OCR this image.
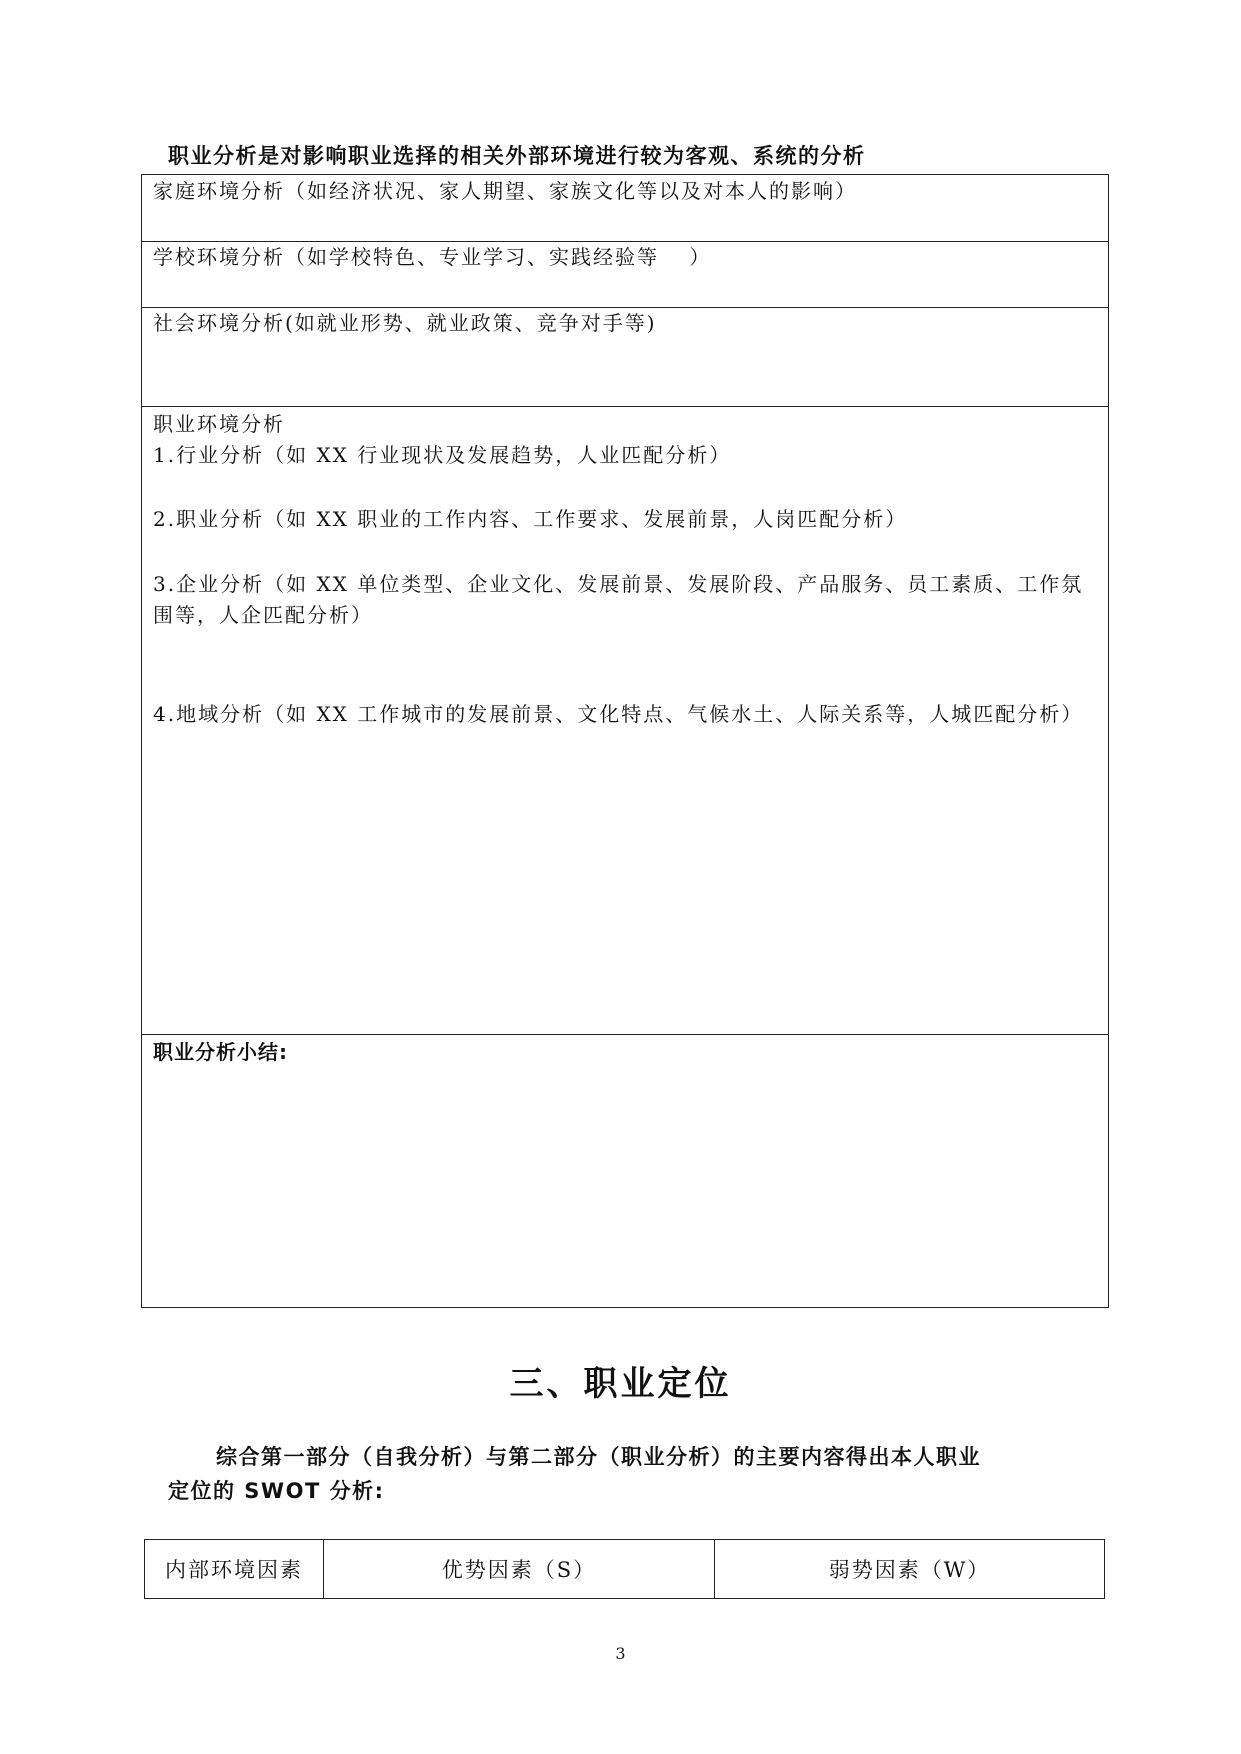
职业分析是对影响职业选择的相关外部环境进行较为客观、系统的分析
家庭环境分析（如经济状况、家人期望、家族文化等以及对本人的影响）
学校环境分析（如学校特色、专业学习、实践经验等　 ）
社会环境分析(如就业形势、就业政策、竞争对手等)
职业环境分析
1.行业分析（如 XX 行业现状及发展趋势，人业匹配分析）
2.职业分析（如 XX 职业的工作内容、工作要求、发展前景，人岗匹配分析）
3.企业分析（如 XX 单位类型、企业文化、发展前景、发展阶段、产品服务、员工素质、工作氛围等，人企匹配分析）
4.地域分析（如 XX 工作城市的发展前景、文化特点、气候水土、人际关系等，人城匹配分析）
职业分析小结:
三、职业定位

综合第一部分（自我分析）与第二部分（职业分析）的主要内容得出本人职业

定位的 SWOT 分析:

内部环境因素	优势因素（S）	弱势因素（W）
3
